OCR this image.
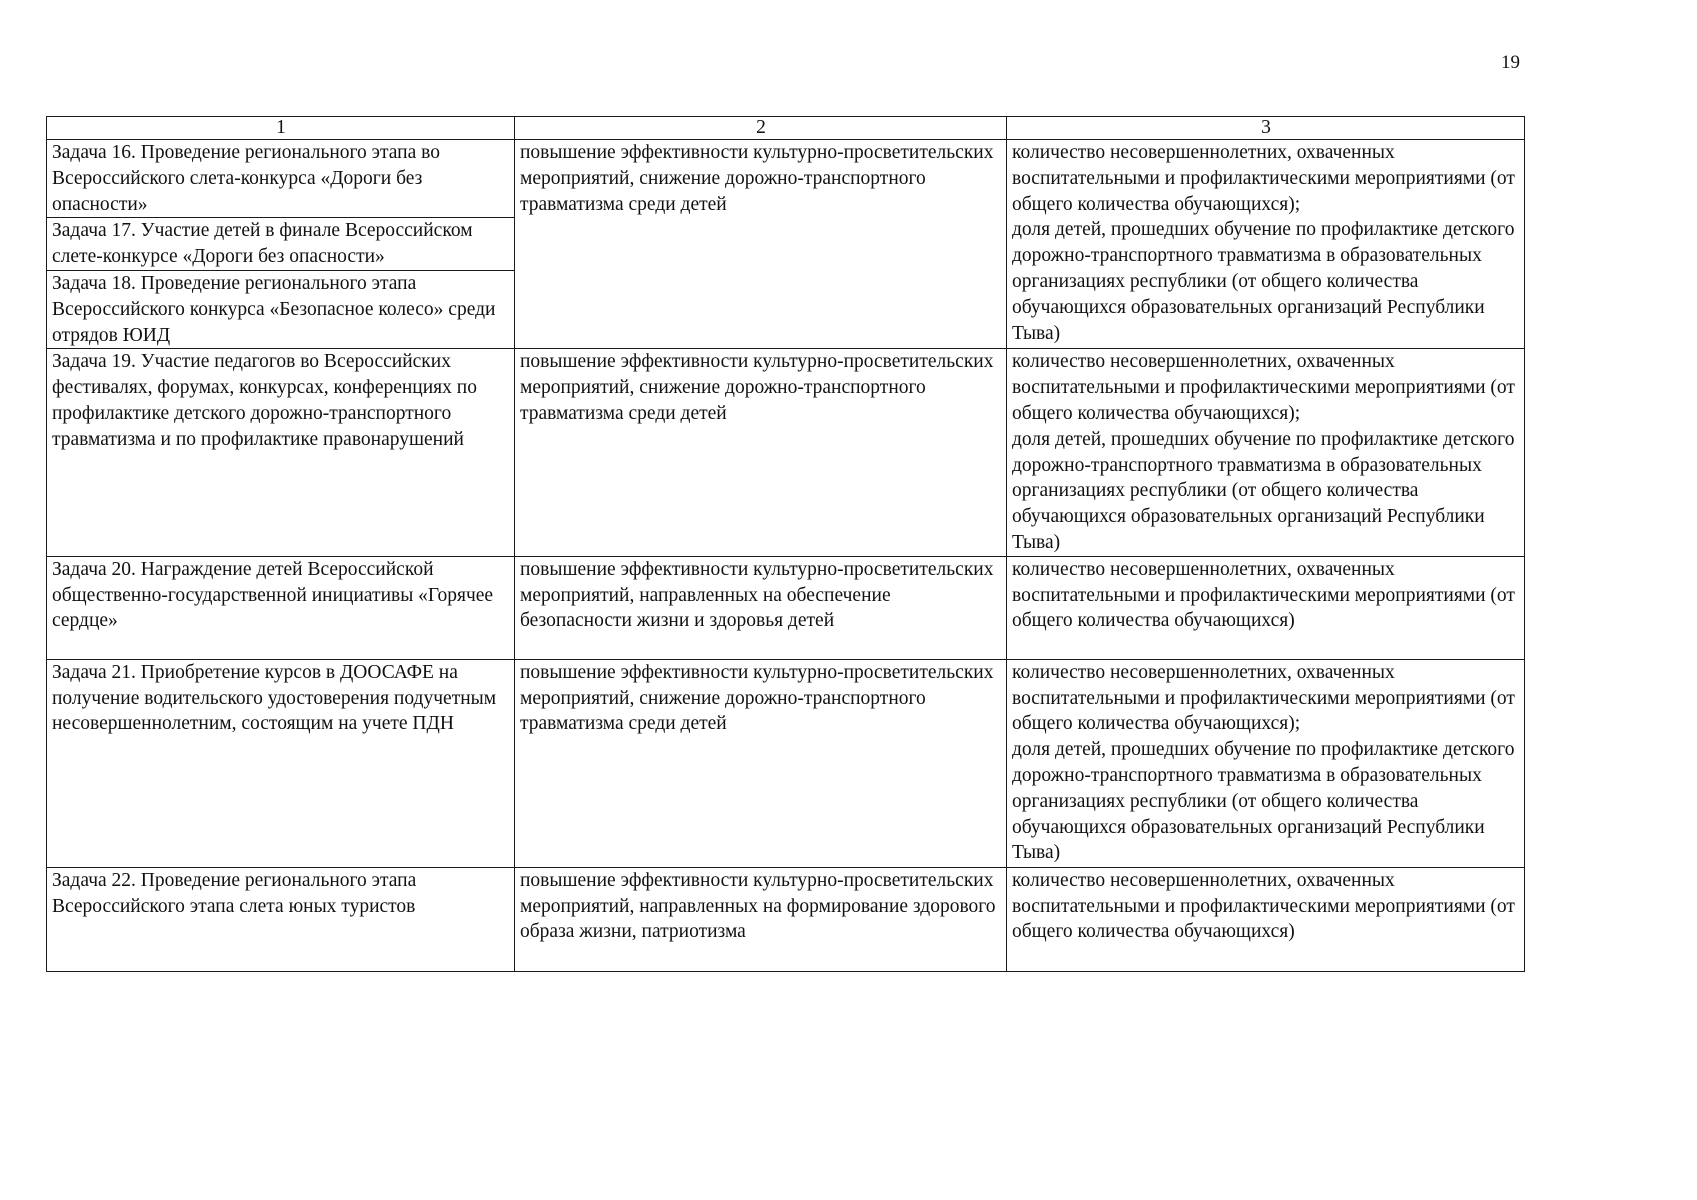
19
1	2	3
Задача 16. Проведение регионального этапа во Всероссийского слета-конкурса «Дороги без опасности»	повышение эффективности культурно-просветительских мероприятий, снижение дорожно-транспортного травматизма среди детей	количество несовершеннолетних, охваченных воспитательными и профилактическими мероприятиями (от общего количества обучающихся);
доля детей, прошедших обучение по профилактике детского дорожно-транспортного травматизма в образовательных организациях республики (от общего количества обучающихся образовательных организаций Республики Тыва)
Задача 17. Участие детей в финале Всероссийском слете-конкурсе «Дороги без опасности»		
Задача 18. Проведение регионального этапа Всероссийского конкурса «Безопасное колесо» среди отрядов ЮИД		
Задача 19. Участие педагогов во Всероссийских фестивалях, форумах, конкурсах, конференциях по профилактике детского дорожно-транспортного травматизма и по профилактике правонарушений	повышение эффективности культурно-просветительских мероприятий, снижение дорожно-транспортного травматизма среди детей	количество несовершеннолетних, охваченных воспитательными и профилактическими мероприятиями (от общего количества обучающихся);
доля детей, прошедших обучение по профилактике детского дорожно-транспортного травматизма в образовательных организациях республики (от общего количества обучающихся образовательных организаций Республики Тыва)
Задача 20. Награждение детей Всероссийской общественно-государственной инициативы «Горячее сердце»	повышение эффективности культурно-просветительских мероприятий, направленных на обеспечение безопасности жизни и здоровья детей	количество несовершеннолетних, охваченных воспитательными и профилактическими мероприятиями (от общего количества обучающихся)
Задача 21. Приобретение курсов в ДООСАФЕ на получение водительского удостоверения подучетным несовершеннолетним, состоящим на учете ПДН	повышение эффективности культурно-просветительских мероприятий, снижение дорожно-транспортного травматизма среди детей	количество несовершеннолетних, охваченных воспитательными и профилактическими мероприятиями (от общего количества обучающихся);
доля детей, прошедших обучение по профилактике детского дорожно-транспортного травматизма в образовательных организациях республики (от общего количества обучающихся образовательных организаций Республики Тыва)
Задача 22. Проведение регионального этапа Всероссийского этапа слета юных туристов	повышение эффективности культурно-просветительских мероприятий, направленных на формирование здорового образа жизни, патриотизма	количество несовершеннолетних, охваченных воспитательными и профилактическими мероприятиями (от общего количества обучающихся)
